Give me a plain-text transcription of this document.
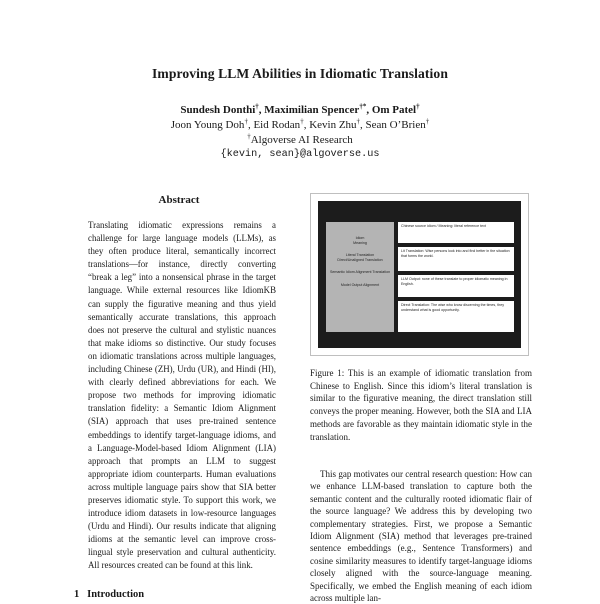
Improving LLM Abilities in Idiomatic Translation
Sundesh Donthi†, Maximilian Spencer†*, Om Patel†
Joon Young Doh†, Eid Rodan†, Kevin Zhu†, Sean O’Brien†
†Algoverse AI Research
{kevin, sean}@algoverse.us
Abstract
Translating idiomatic expressions remains a challenge for large language models (LLMs), as they often produce literal, semantically incorrect translations—for instance, directly converting “break a leg” into a nonsensical phrase in the target language. While external resources like IdiomKB can supply the figurative meaning and thus yield semantically accurate translations, this approach does not preserve the cultural and stylistic nuances that make idioms so distinctive. Our study focuses on idiomatic translations across multiple languages, including Chinese (ZH), Urdu (UR), and Hindi (HI), with clearly defined abbreviations for each. We propose two methods for improving idiomatic translation fidelity: a Semantic Idiom Alignment (SIA) approach that uses pre-trained sentence embeddings to identify target-language idioms, and a Language-Model-based Idiom Alignment (LIA) approach that prompts an LLM to suggest appropriate idiom counterparts. Human evaluations across multiple language pairs show that SIA better preserves idiomatic style. To support this work, we introduce idiom datasets in low-resource languages (Urdu and Hindi). Our results indicate that aligning idioms at the semantic level can improve cross-lingual style preservation and cultural authenticity. All resources created can be found at this link.
1 Introduction
Idiom
Meaning
Literal Translation
Direct/Unaligned Translation
Semantic Idiom Alignment Translation
Model Output Alignment
Chinese source idiom / Meaning: literal reference text
Lit Translation: Wise persons look into and find better in the situation that forms the world.
LLM Output: none of these translate to proper idiomatic meaning in English.
Direct Translation: The wise who know discerning the times, they understand what is good opportunity.
Figure 1: This is an example of idiomatic translation from Chinese to English. Since this idiom’s literal translation is similar to the figurative meaning, the direct translation still conveys the proper meaning. However, both the SIA and LIA methods are favorable as they maintain idiomatic style in the translation.
This gap motivates our central research question: How can we enhance LLM-based translation to capture both the semantic content and the culturally rooted idiomatic flair of the source language? We address this by developing two complementary strategies. First, we propose a Semantic Idiom Alignment (SIA) method that leverages pre-trained sentence embeddings (e.g., Sentence Transformers) and cosine similarity measures to identify target-language idioms closely aligned with the source-language meaning. Specifically, we embed the English meaning of each idiom across multiple lan-
